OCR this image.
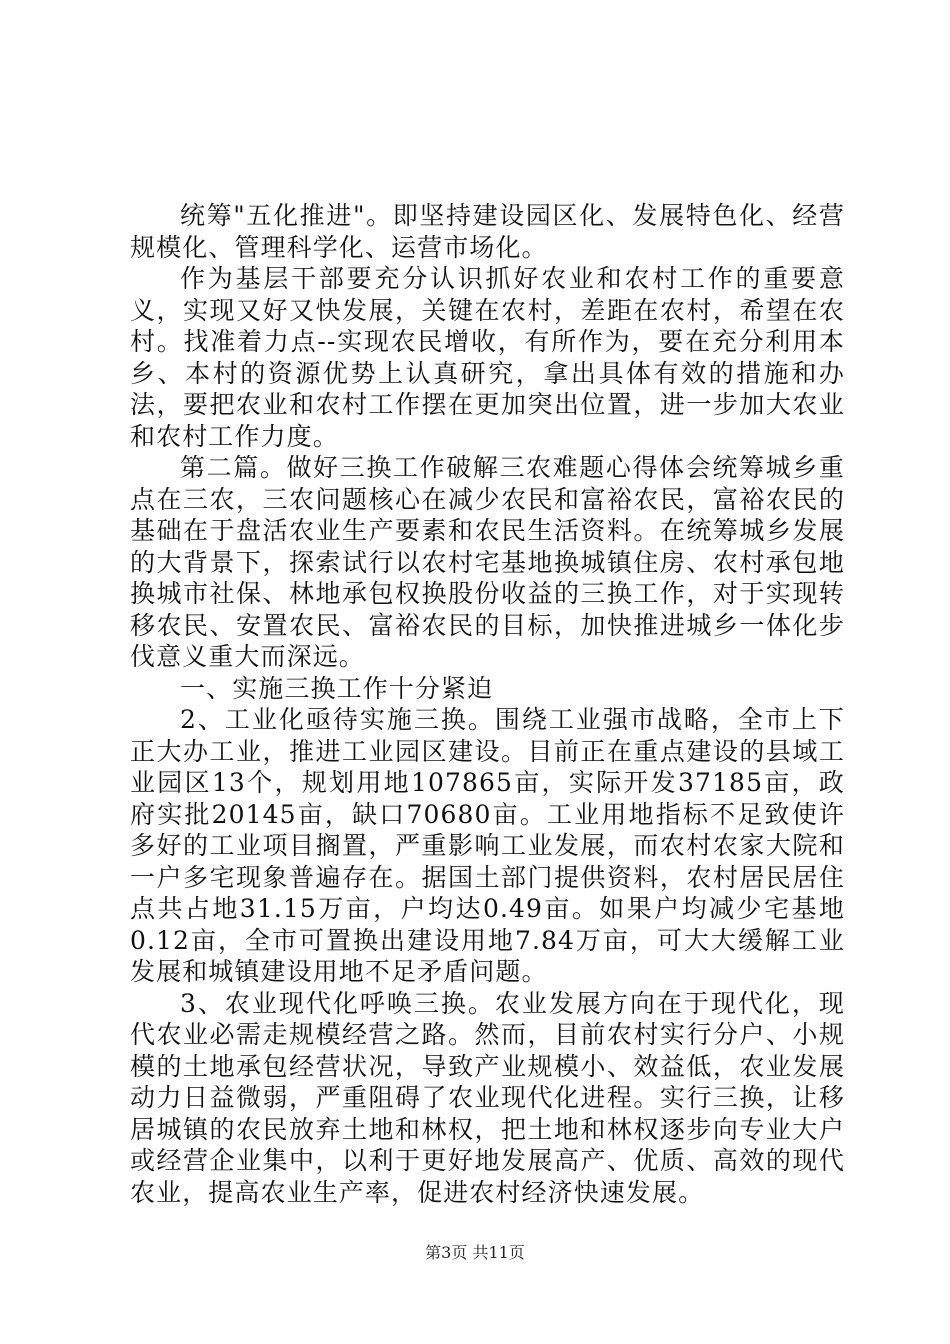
统筹"五化推进"。即坚持建设园区化、发展特色化、经营规模化、管理科学化、运营市场化。

作为基层干部要充分认识抓好农业和农村工作的重要意义，实现又好又快发展，关键在农村，差距在农村，希望在农村。找准着力点--实现农民增收，有所作为，要在充分利用本乡、本村的资源优势上认真研究，拿出具体有效的措施和办法，要把农业和农村工作摆在更加突出位置，进一步加大农业和农村工作力度。

第二篇。做好三换工作破解三农难题心得体会统筹城乡重点在三农，三农问题核心在减少农民和富裕农民，富裕农民的基础在于盘活农业生产要素和农民生活资料。在统筹城乡发展的大背景下，探索试行以农村宅基地换城镇住房、农村承包地换城市社保、林地承包权换股份收益的三换工作，对于实现转移农民、安置农民、富裕农民的目标，加快推进城乡一体化步伐意义重大而深远。

一、实施三换工作十分紧迫

2、工业化亟待实施三换。围绕工业强市战略，全市上下正大办工业，推进工业园区建设。目前正在重点建设的县域工业园区13个，规划用地107865亩，实际开发37185亩，政府实批20145亩，缺口70680亩。工业用地指标不足致使许多好的工业项目搁置，严重影响工业发展，而农村农家大院和一户多宅现象普遍存在。据国土部门提供资料，农村居民居住点共占地31.15万亩，户均达0.49亩。如果户均减少宅基地0.12亩，全市可置换出建设用地7.84万亩，可大大缓解工业发展和城镇建设用地不足矛盾问题。

3、农业现代化呼唤三换。农业发展方向在于现代化，现代农业必需走规模经营之路。然而，目前农村实行分户、小规模的土地承包经营状况，导致产业规模小、效益低，农业发展动力日益微弱，严重阻碍了农业现代化进程。实行三换，让移居城镇的农民放弃土地和林权，把土地和林权逐步向专业大户或经营企业集中，以利于更好地发展高产、优质、高效的现代农业，提高农业生产率，促进农村经济快速发展。

第3页 共11页
